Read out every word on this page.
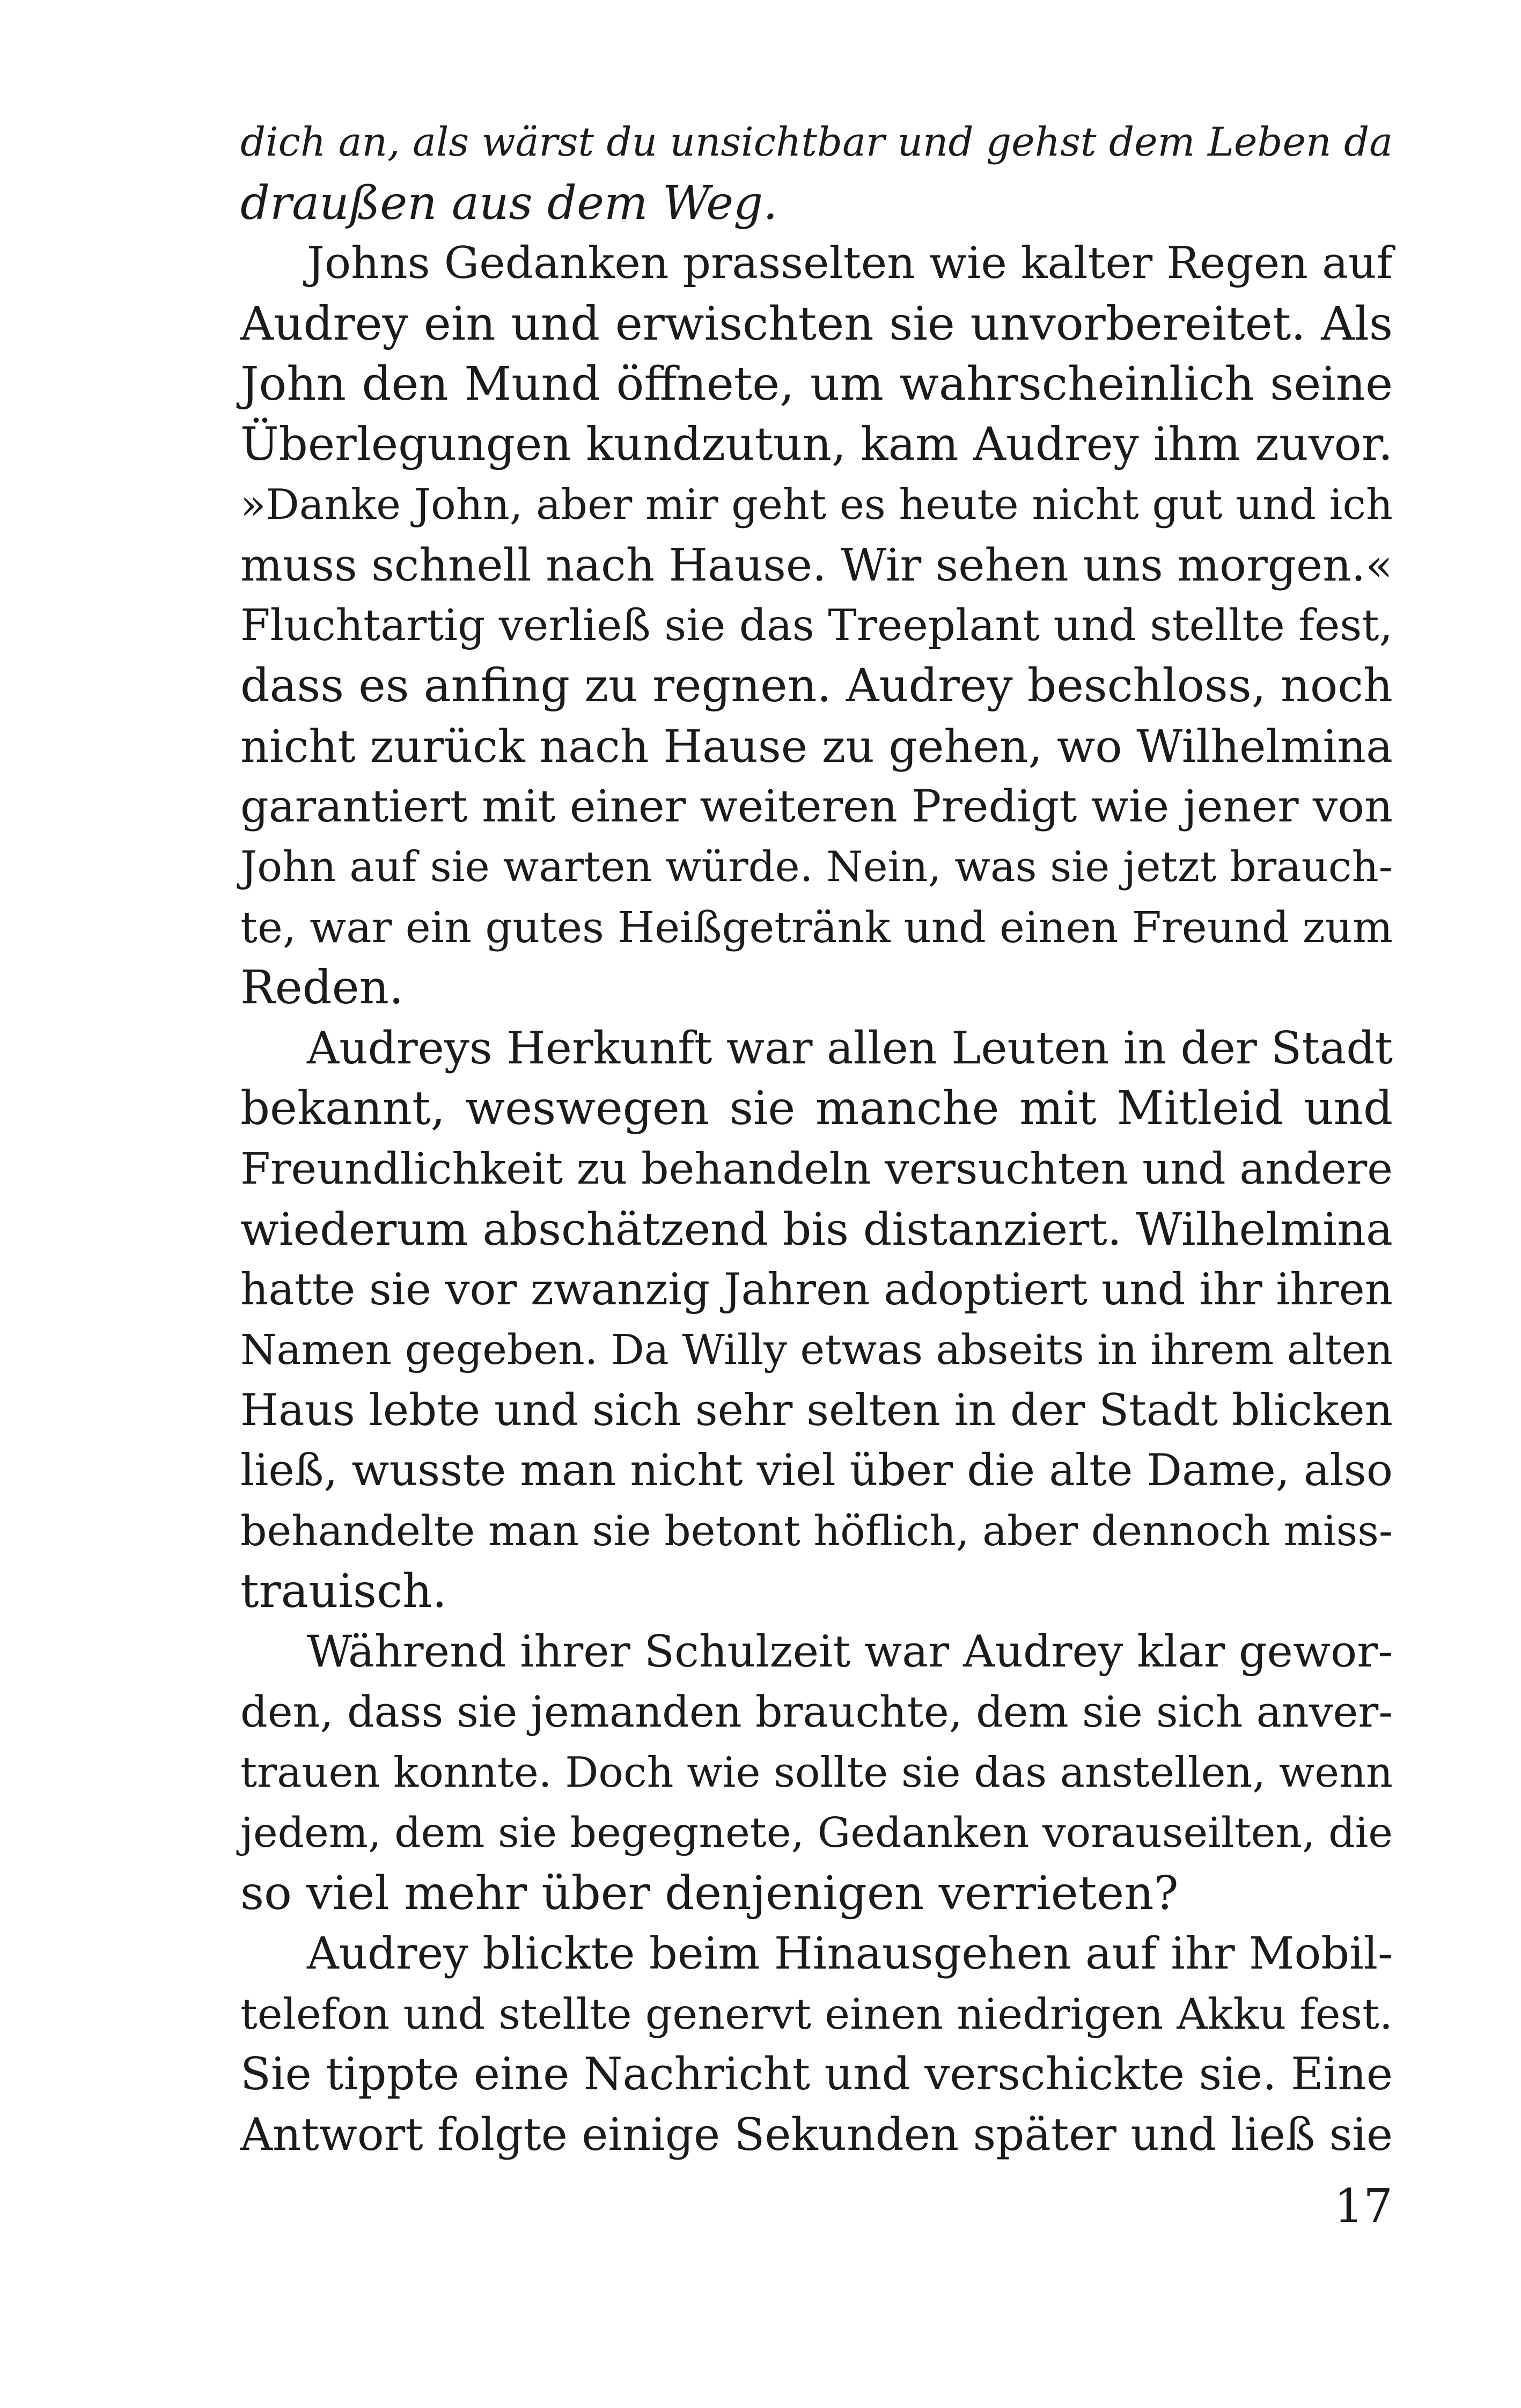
dich an, als wärst du unsichtbar und gehst dem Leben da
draußen aus dem Weg.
Johns Gedanken prasselten wie kalter Regen auf
Audrey ein und erwischten sie unvorbereitet. Als
John den Mund öffnete, um wahrscheinlich seine
Überlegungen kundzutun, kam Audrey ihm zuvor.
»Danke John, aber mir geht es heute nicht gut und ich
muss schnell nach Hause. Wir sehen uns morgen.«
Fluchtartig verließ sie das Treeplant und stellte fest,
dass es anfing zu regnen. Audrey beschloss, noch
nicht zurück nach Hause zu gehen, wo Wilhelmina
garantiert mit einer weiteren Predigt wie jener von
John auf sie warten würde. Nein, was sie jetzt brauch-
te, war ein gutes Heißgetränk und einen Freund zum
Reden.
Audreys Herkunft war allen Leuten in der Stadt
bekannt, weswegen sie manche mit Mitleid und
Freundlichkeit zu behandeln versuchten und andere
wiederum abschätzend bis distanziert. Wilhelmina
hatte sie vor zwanzig Jahren adoptiert und ihr ihren
Namen gegeben. Da Willy etwas abseits in ihrem alten
Haus lebte und sich sehr selten in der Stadt blicken
ließ, wusste man nicht viel über die alte Dame, also
behandelte man sie betont höflich, aber dennoch miss-
trauisch.
Während ihrer Schulzeit war Audrey klar gewor-
den, dass sie jemanden brauchte, dem sie sich anver-
trauen konnte. Doch wie sollte sie das anstellen, wenn
jedem, dem sie begegnete, Gedanken vorauseilten, die
so viel mehr über denjenigen verrieten?
Audrey blickte beim Hinausgehen auf ihr Mobil-
telefon und stellte genervt einen niedrigen Akku fest.
Sie tippte eine Nachricht und verschickte sie. Eine
Antwort folgte einige Sekunden später und ließ sie
17
